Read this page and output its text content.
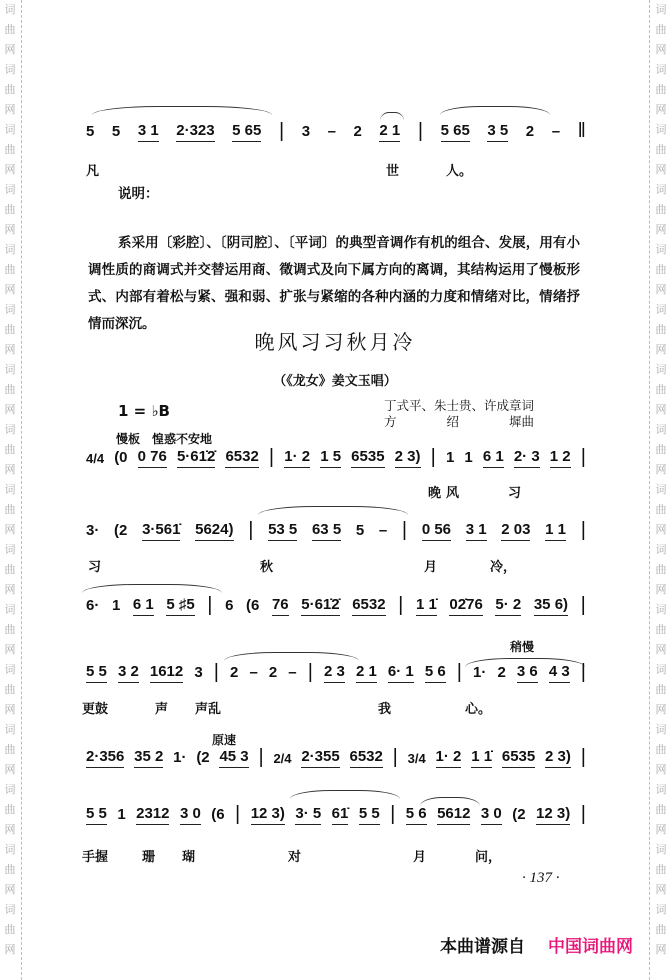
词
曲
网
词
曲
网
词
曲
网
词
曲
网
词
曲
网
词
曲
网
词
曲
网
词
曲
网
词
曲
网
词
曲
网
词
曲
网
词
曲
网
词
曲
网
词
曲
网
词
曲
网
词
曲
网
词
曲
网
词
曲
网
词
曲
网
词
曲
网
词
曲
网
词
曲
网
词
曲
网
词
曲
网
词
曲
网
词
曲
网
词
曲
网
词
曲
网
词
曲
网
词
曲
网
词
曲
网
词
曲
网
5 5 3 1 2·323 5 65 | 3 – 2 2 1 | 5 65 3 5 2 – ‖
凡	世	人。
说明：
系采用〔彩腔〕、〔阴司腔〕、〔平词〕的典型音调作有机的组合、发展，用有小调性质的商调式并交替运用商、徵调式及向下属方向的离调，其结构运用了慢板形式、内部有着松与紧、强和弱、扩张与紧缩的各种内涵的力度和情绪对比，情绪抒情而深沉。
晚风习习秋月冷
（《龙女》姜文玉唱）
1 = ♭B	丁式平、朱士贵、许成章词
方　　　　绍　　　　墀曲
慢板　惶惑不安地
4/4 (0 0 76 5·61̇2̇ 6532 | 1· 2 1 5 6535 2 3) | 1 1 6 1 2· 3 1 2 |
晚 风	习
3· (2 3·561̇ 5624) | 53 5 63 5 5 – | 0 56 3 1 2 03 1 1 |
习	秋	月	冷，
6· 1 6 1 5 ♯5 | 6 (6 76 5·61̇2̇ 6532 | 1 1̇ 02̇76 5· 2 35 6) |
稍慢
5 5 3 2 1612 3 | 2 – 2 – | 2 3 2 1 6· 1 5 6 | 1· 2 3 6 4 3 |
更鼓	声 声乱	我	心。
原速
2·356 35 2 1· (2 45 3 | 2/4 2·355 6532 | 3/4 1· 2 1 1̇ 6535 2 3) |
5 5 1 2312 3 0 (6 | 12 3) 3· 5 61̇ 5 5 | 5 6 5612 3 0 (2 12 3) |
手握	珊 瑚	对	月	问，
· 137 ·
本曲谱源自 中国词曲网
